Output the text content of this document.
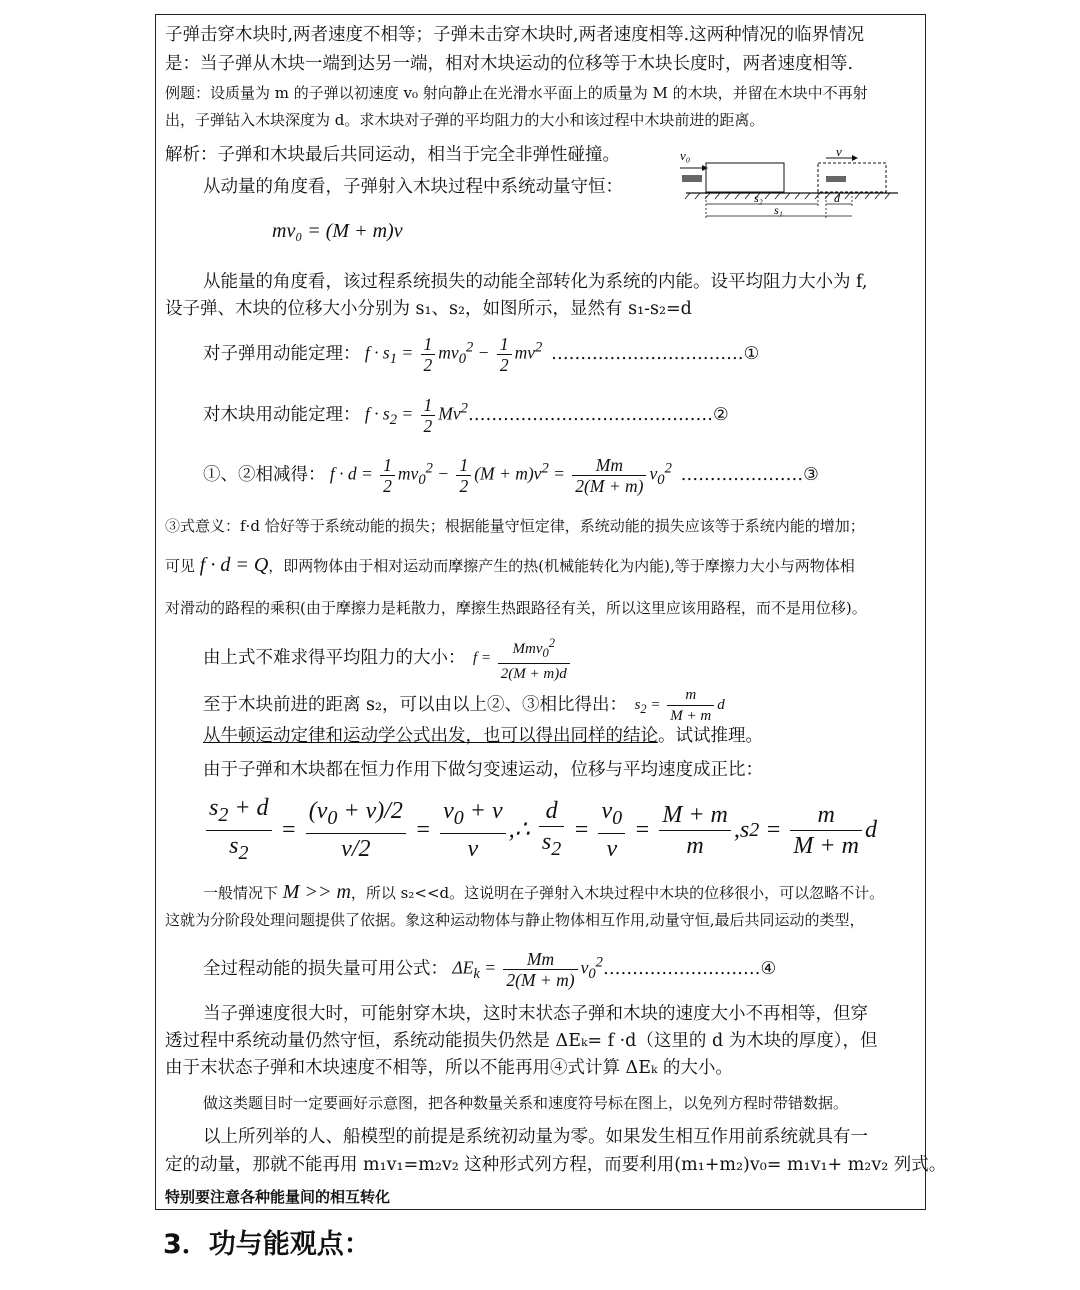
子弹击穿木块时,两者速度不相等；子弹未击穿木块时,两者速度相等.这两种情况的临界情况
是：当子弹从木块一端到达另一端，相对木块运动的位移等于木块长度时，两者速度相等.
例题：设质量为 m 的子弹以初速度 v₀ 射向静止在光滑水平面上的质量为 M 的木块，并留在木块中不再射
出，子弹钻入木块深度为 d。求木块对子弹的平均阻力的大小和该过程中木块前进的距离。
解析：子弹和木块最后共同运动，相当于完全非弹性碰撞。
从动量的角度看，子弹射入木块过程中系统动量守恒：
v₀	v
s₂	d
s₁
mv₀ = (M + m)v
从能量的角度看，该过程系统损失的动能全部转化为系统的内能。设平均阻力大小为 f,
设子弹、木块的位移大小分别为 s₁、s₂，如图所示，显然有 s₁-s₂=d
对子弹用动能定理： $f \cdot s_1 = \frac{1}{2} mv_0^2 - \frac{1}{2} mv^2$ ……………………………①
对木块用动能定理： $f \cdot s_2 = \frac{1}{2} Mv^2$ ……………………………………②
①、②相减得： $f \cdot d = \frac{1}{2} mv_0^2 - \frac{1}{2} (M + m)v^2 = \frac{Mm}{2(M + m)} v_0^2$ …………………③
③式意义：f·d 恰好等于系统动能的损失；根据能量守恒定律，系统动能的损失应该等于系统内能的增加；
可见 f · d = Q，即两物体由于相对运动而摩擦产生的热(机械能转化为内能),等于摩擦力大小与两物体相
对滑动的路程的乘积(由于摩擦力是耗散力，摩擦生热跟路径有关，所以这里应该用路程，而不是用位移)。
由上式不难求得平均阻力的大小： $f = \frac{Mmv_0^2}{2(M + m)d}$
至于木块前进的距离 s₂，可以由以上②、③相比得出： $s_2 = \frac{m}{M + m}$ d
从牛顿运动定律和运动学公式出发，也可以得出同样的结论。试试推理。
由于子弹和木块都在恒力作用下做匀变速运动，位移与平均速度成正比：
$\frac{s_2 + d}{s_2} = \frac{(v_0 + v)/2}{v/2} = \frac{v_0 + v}{v}$ ,∴ $\frac{d}{s_2} = \frac{v_0}{v} = \frac{M + m}{m} ,s$ $2 = \frac{m}{M + m}$ d
一般情况下 M >> m，所以 s₂<<d。这说明在子弹射入木块过程中木块的位移很小，可以忽略不计。
这就为分阶段处理问题提供了依据。象这种运动物体与静止物体相互作用,动量守恒,最后共同运动的类型，
全过程动能的损失量可用公式： $\Delta E_k = \frac{Mm}{2(M + m)} v_0^2$ ………………………④
当子弹速度很大时，可能射穿木块，这时末状态子弹和木块的速度大小不再相等，但穿
透过程中系统动量仍然守恒，系统动能损失仍然是 ΔEₖ= f ·d（这里的 d 为木块的厚度），但
由于末状态子弹和木块速度不相等，所以不能再用④式计算 ΔEₖ 的大小。
做这类题目时一定要画好示意图，把各种数量关系和速度符号标在图上，以免列方程时带错数据。
以上所列举的人、船模型的前提是系统初动量为零。如果发生相互作用前系统就具有一
定的动量，那就不能再用 m₁v₁=m₂v₂ 这种形式列方程，而要利用(m₁+m₂)v₀= m₁v₁+ m₂v₂ 列式。
特别要注意各种能量间的相互转化
3．功与能观点：
